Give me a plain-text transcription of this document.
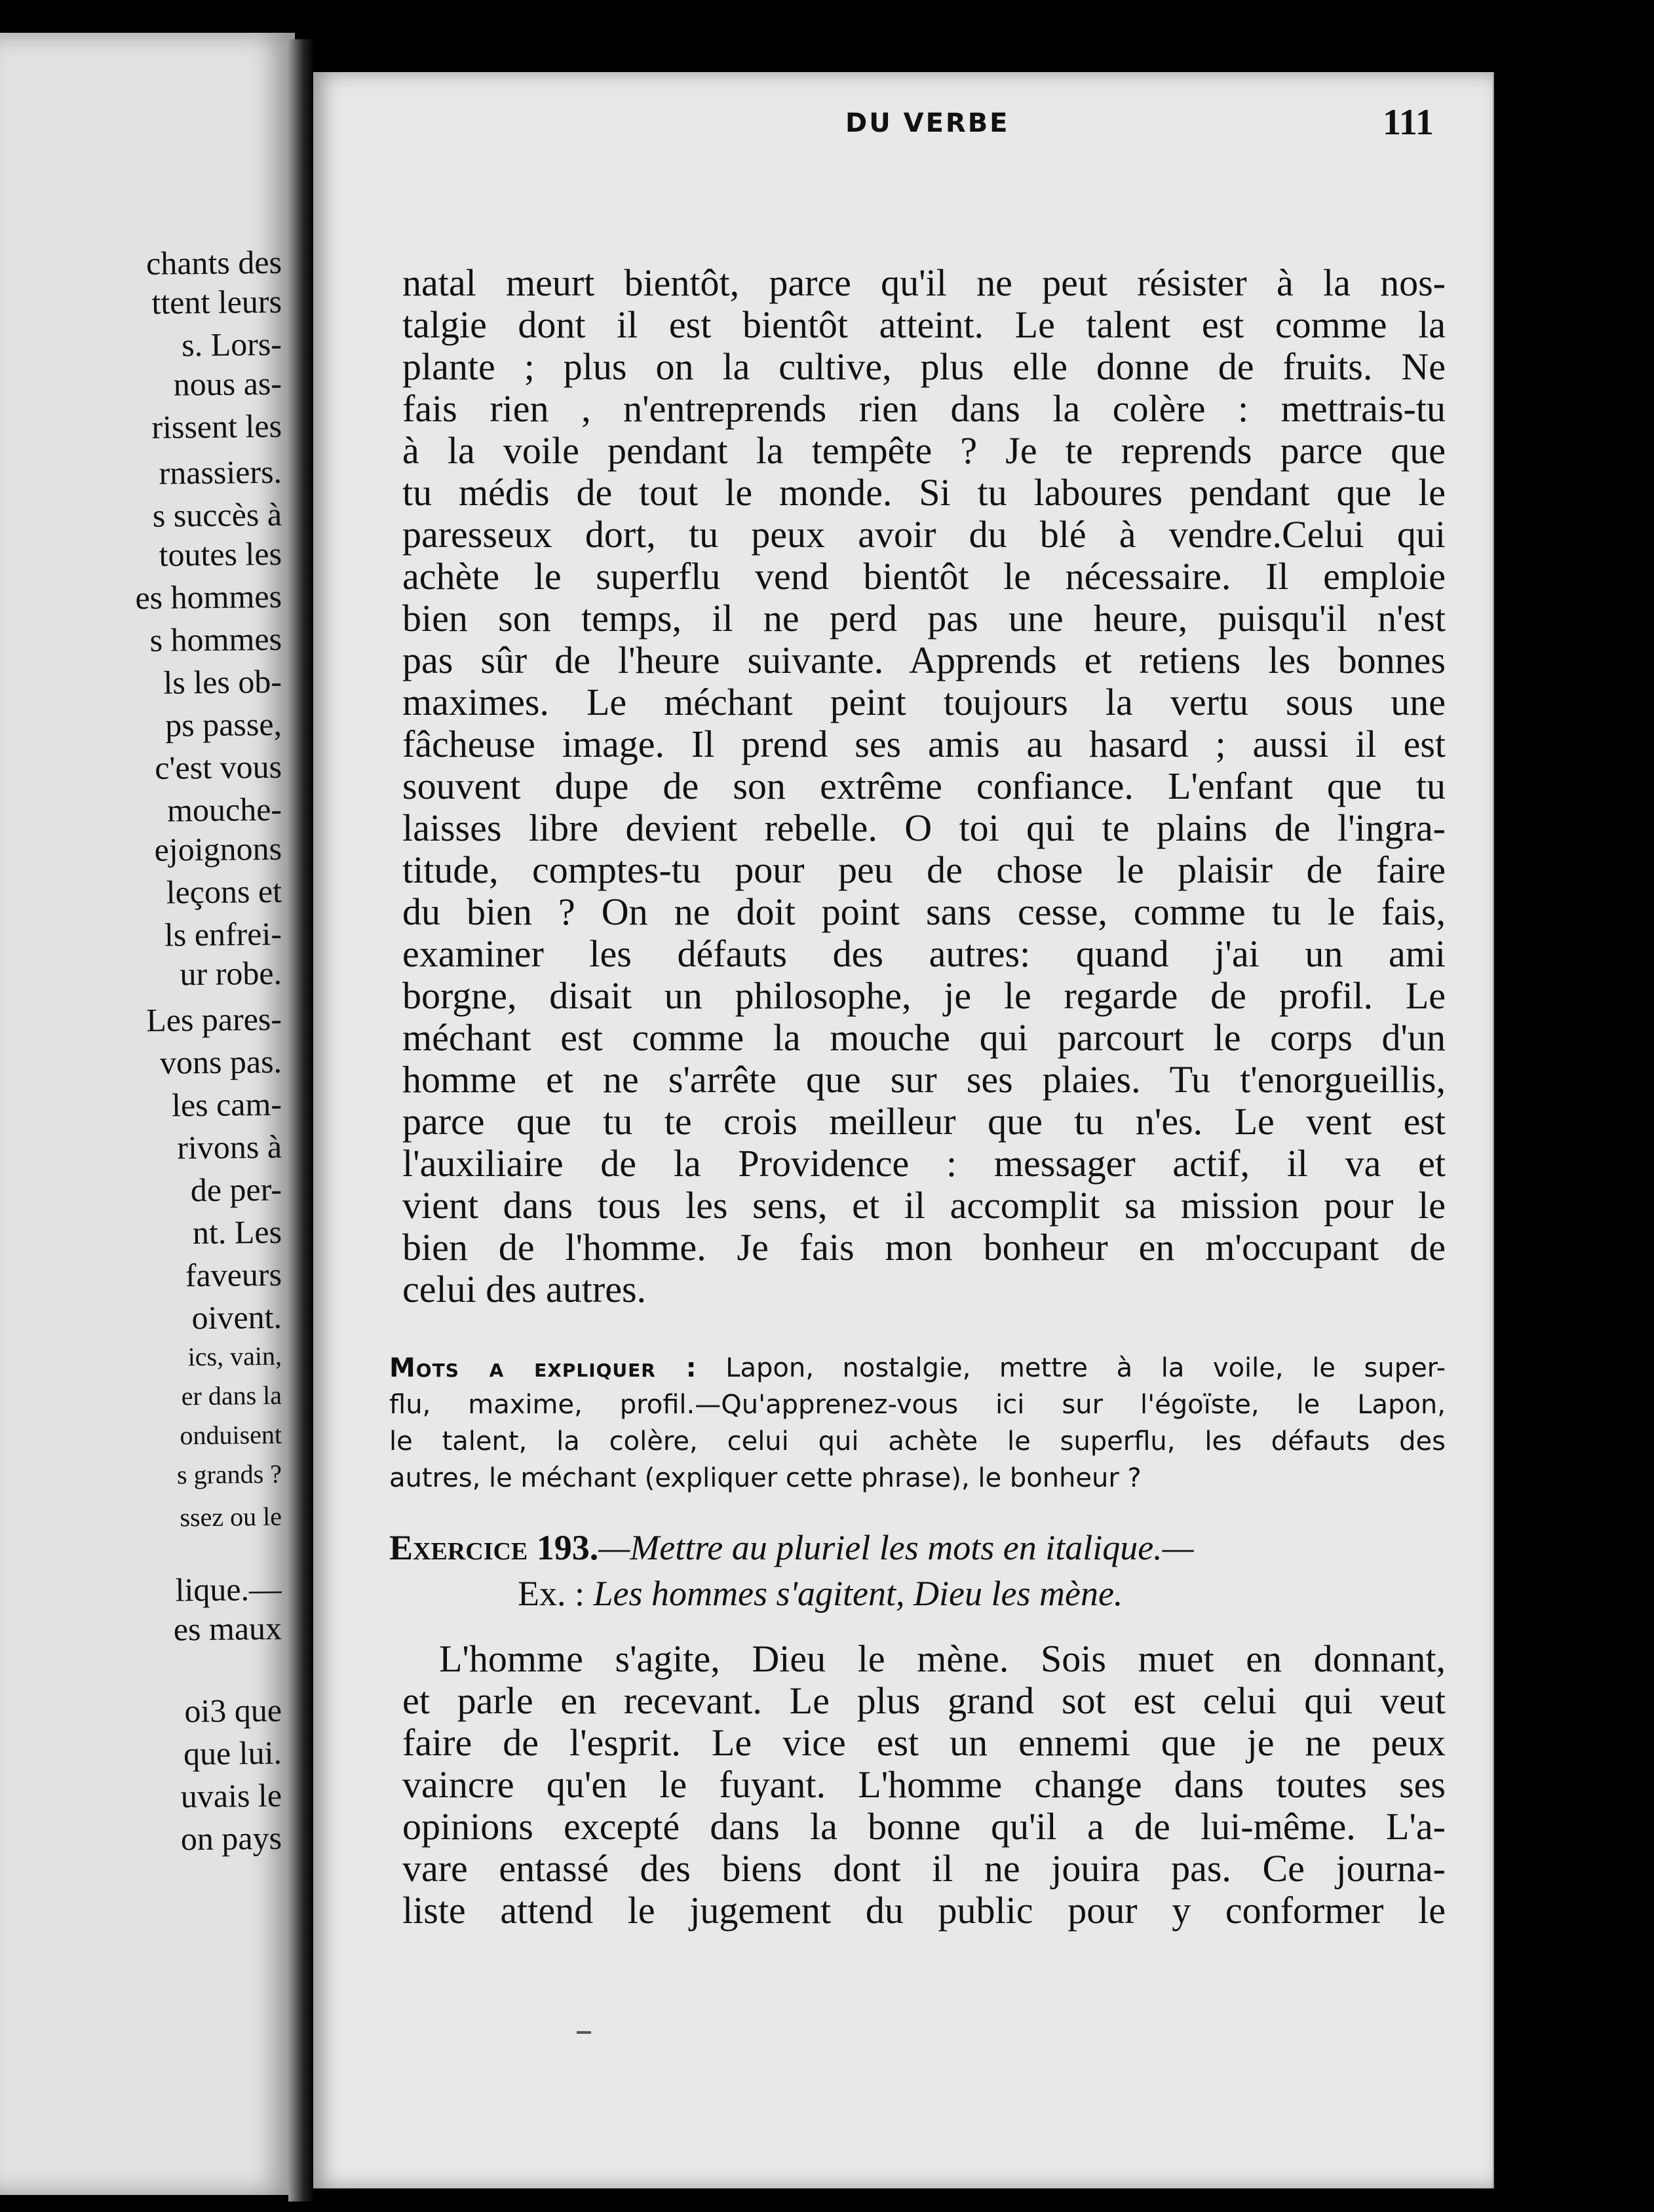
DU VERBE	111
chants des
ttent leurs
s. Lors-
nous as-
rissent les
rnassiers.
s succès à
toutes les
es hommes
s hommes
ls les ob-
ps passe,
c'est vous
mouche-
ejoignons
leçons et
ls enfrei-
ur robe.
Les pares-
vons pas.
les cam-
rivons à
de per-
nt. Les
faveurs
oivent.
ics, vain,
er dans la
onduisent
s grands ?
ssez ou le
lique.—
es maux
oi3 que
que lui.
uvais le
on pays
natal meurt bientôt, parce qu'il ne peut résister à la nos-
talgie dont il est bientôt atteint. Le talent est comme la
plante ; plus on la cultive, plus elle donne de fruits. Ne
fais rien , n'entreprends rien dans la colère : mettrais-tu
à la voile pendant la tempête ? Je te reprends parce que
tu médis de tout le monde. Si tu laboures pendant que le
paresseux dort, tu peux avoir du blé à vendre.Celui qui
achète le superflu vend bientôt le nécessaire. Il emploie
bien son temps, il ne perd pas une heure, puisqu'il n'est
pas sûr de l'heure suivante. Apprends et retiens les bonnes
maximes. Le méchant peint toujours la vertu sous une
fâcheuse image. Il prend ses amis au hasard ; aussi il est
souvent dupe de son extrême confiance. L'enfant que tu
laisses libre devient rebelle. O toi qui te plains de l'ingra-
titude, comptes-tu pour peu de chose le plaisir de faire
du bien ? On ne doit point sans cesse, comme tu le fais,
examiner les défauts des autres: quand j'ai un ami
borgne, disait un philosophe, je le regarde de profil. Le
méchant est comme la mouche qui parcourt le corps d'un
homme et ne s'arrête que sur ses plaies. Tu t'enorgueillis,
parce que tu te crois meilleur que tu n'es. Le vent est
l'auxiliaire de la Providence : messager actif, il va et
vient dans tous les sens, et il accomplit sa mission pour le
bien de l'homme. Je fais mon bonheur en m'occupant de
celui des autres.
Mots a expliquer : Lapon, nostalgie, mettre à la voile, le super-
flu, maxime, profil.—Qu'apprenez-vous ici sur l'égoïste, le Lapon,
le talent, la colère, celui qui achète le superflu, les défauts des
autres, le méchant (expliquer cette phrase), le bonheur ?
Exercice 193.—Mettre au pluriel les mots en italique.—
Ex. : Les hommes s'agitent, Dieu les mène.
L'homme s'agite, Dieu le mène. Sois muet en donnant,
et parle en recevant. Le plus grand sot est celui qui veut
faire de l'esprit. Le vice est un ennemi que je ne peux
vaincre qu'en le fuyant. L'homme change dans toutes ses
opinions excepté dans la bonne qu'il a de lui-même. L'a-
vare entassé des biens dont il ne jouira pas. Ce journa-
liste attend le jugement du public pour y conformer le
